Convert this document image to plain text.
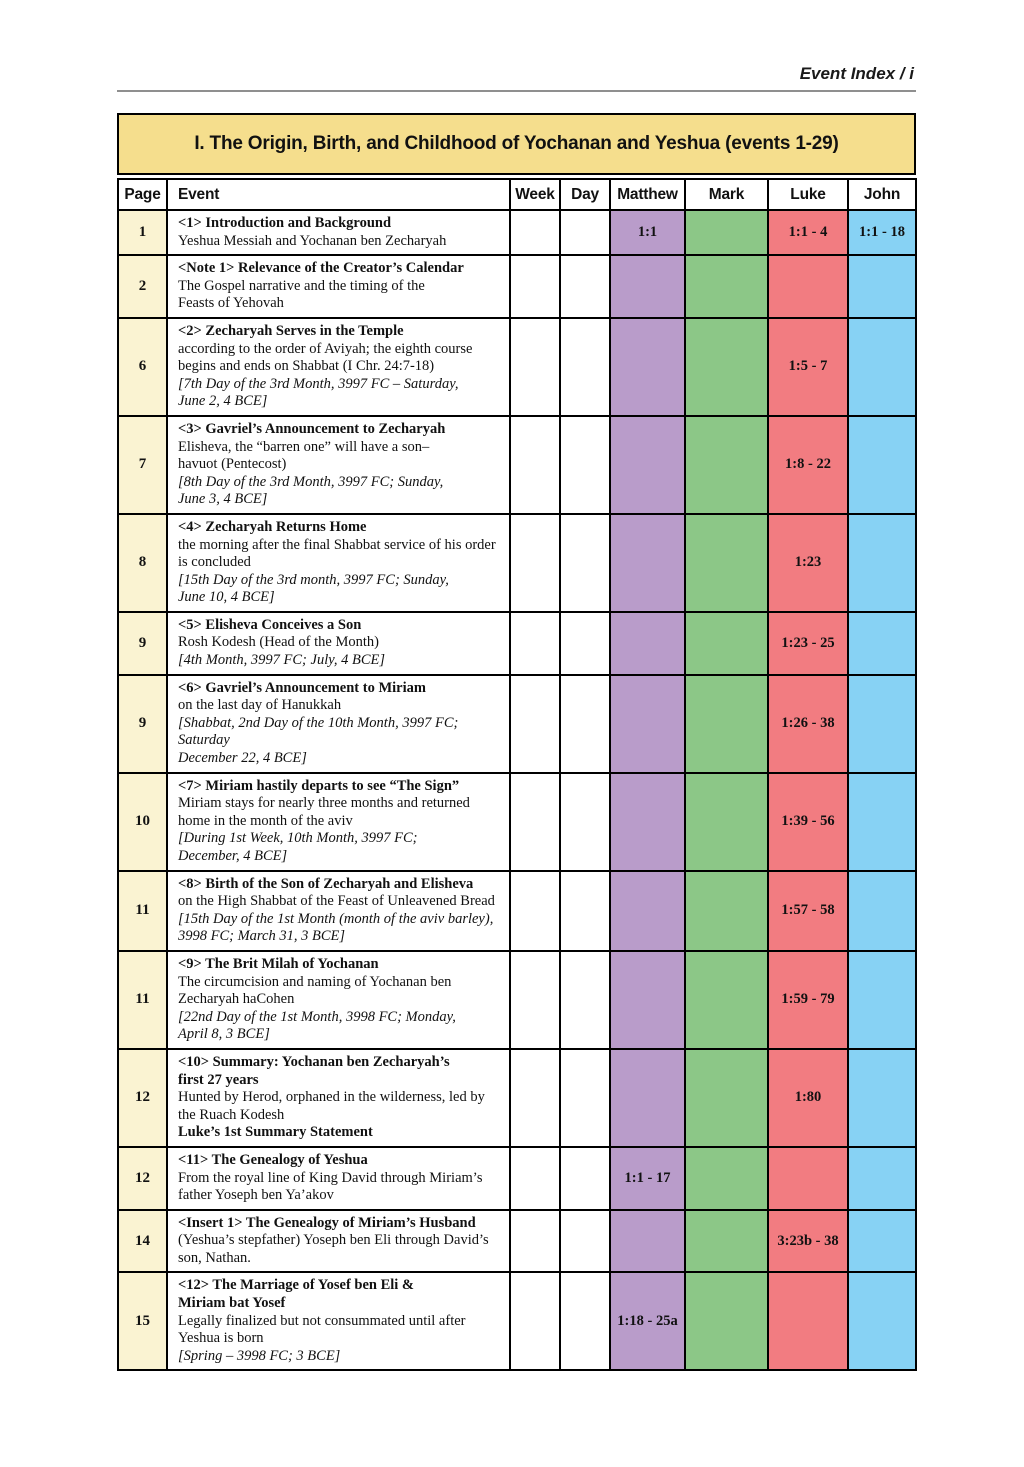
Event Index / i
I. The Origin, Birth, and Childhood of Yochanan and Yeshua (events 1-29)
Page	Event	Week	Day	Matthew	Mark	Luke	John
1	<1> Introduction and Background
Yeshua Messiah and Yochanan ben Zecharyah			1:1		1:1 - 4	1:1 - 18
2	<Note 1> Relevance of the Creator’s Calendar
The Gospel narrative and the timing of the
Feasts of Yehovah						

6	<2> Zecharyah Serves in the Temple
according to the order of Aviyah; the eighth course
begins and ends on Shabbat (I Chr. 24:7-18)
[7th Day of the 3rd Month, 3997 FC – Saturday,
June 2, 4 BCE]					1:5 - 7	
7	<3> Gavriel’s Announcement to Zecharyah
Elisheva, the “barren one” will have a son–
havuot (Pentecost)
[8th Day of the 3rd Month, 3997 FC; Sunday,
June 3, 4 BCE]					1:8 - 22	
8	<4> Zecharyah Returns Home
the morning after the final Shabbat service of his order
is concluded
[15th Day of the 3rd month, 3997 FC; Sunday,
June 10, 4 BCE]					1:23	
9	<5> Elisheva Conceives a Son
Rosh Kodesh (Head of the Month)
[4th Month, 3997 FC; July, 4 BCE]					1:23 - 25	
9	<6> Gavriel’s Announcement to Miriam
on the last day of Hanukkah
[Shabbat, 2nd Day of the 10th Month, 3997 FC; Saturday
December 22, 4 BCE]					1:26 - 38	
10	<7> Miriam hastily departs to see “The Sign”
Miriam stays for nearly three months and returned
home in the month of the aviv
[During 1st Week, 10th Month, 3997 FC;
December, 4 BCE]					1:39 - 56	
11	<8> Birth of the Son of Zecharyah and Elisheva
on the High Shabbat of the Feast of Unleavened Bread
[15th Day of the 1st Month (month of the aviv barley),
3998 FC; March 31, 3 BCE]					1:57 - 58	
11	<9> The Brit Milah of Yochanan
The circumcision and naming of Yochanan ben
Zecharyah haCohen
[22nd Day of the 1st Month, 3998 FC; Monday,
April 8, 3 BCE]					1:59 - 79	
12	<10> Summary: Yochanan ben Zecharyah’s
first 27 years
Hunted by Herod, orphaned in the wilderness, led by
the Ruach Kodesh
Luke’s 1st Summary Statement					1:80	
12	<11> The Genealogy of Yeshua
From the royal line of King David through Miriam’s
father Yoseph ben Ya’akov			1:1 - 17			
14	<Insert 1> The Genealogy of Miriam’s Husband
(Yeshua’s stepfather) Yoseph ben Eli through David’s
son, Nathan.					3:23b - 38	
15	<12> The Marriage of Yosef ben Eli &
Miriam bat Yosef
Legally finalized but not consummated until after
Yeshua is born
[Spring – 3998 FC; 3 BCE]			1:18 - 25a			
